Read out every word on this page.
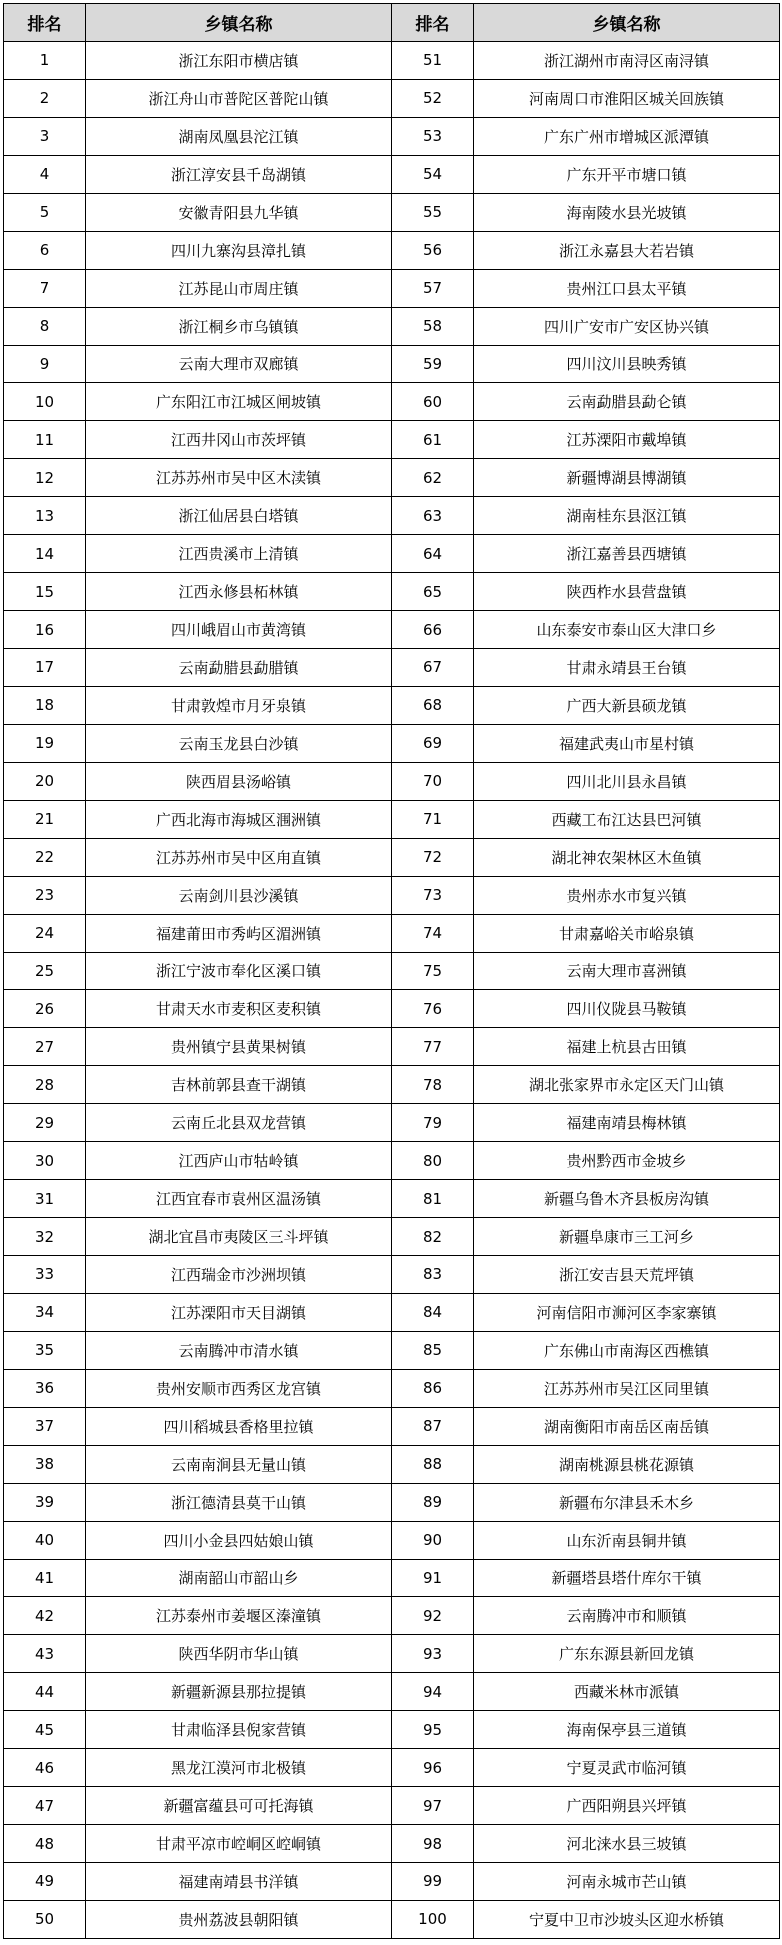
排名	乡镇名称	排名	乡镇名称
1	浙江东阳市横店镇	51	浙江湖州市南浔区南浔镇
2	浙江舟山市普陀区普陀山镇	52	河南周口市淮阳区城关回族镇
3	湖南凤凰县沱江镇	53	广东广州市增城区派潭镇
4	浙江淳安县千岛湖镇	54	广东开平市塘口镇
5	安徽青阳县九华镇	55	海南陵水县光坡镇
6	四川九寨沟县漳扎镇	56	浙江永嘉县大若岩镇
7	江苏昆山市周庄镇	57	贵州江口县太平镇
8	浙江桐乡市乌镇镇	58	四川广安市广安区协兴镇
9	云南大理市双廊镇	59	四川汶川县映秀镇
10	广东阳江市江城区闸坡镇	60	云南勐腊县勐仑镇
11	江西井冈山市茨坪镇	61	江苏溧阳市戴埠镇
12	江苏苏州市吴中区木渎镇	62	新疆博湖县博湖镇
13	浙江仙居县白塔镇	63	湖南桂东县沤江镇
14	江西贵溪市上清镇	64	浙江嘉善县西塘镇
15	江西永修县柘林镇	65	陕西柞水县营盘镇
16	四川峨眉山市黄湾镇	66	山东泰安市泰山区大津口乡
17	云南勐腊县勐腊镇	67	甘肃永靖县王台镇
18	甘肃敦煌市月牙泉镇	68	广西大新县硕龙镇
19	云南玉龙县白沙镇	69	福建武夷山市星村镇
20	陕西眉县汤峪镇	70	四川北川县永昌镇
21	广西北海市海城区涠洲镇	71	西藏工布江达县巴河镇
22	江苏苏州市吴中区甪直镇	72	湖北神农架林区木鱼镇
23	云南剑川县沙溪镇	73	贵州赤水市复兴镇
24	福建莆田市秀屿区湄洲镇	74	甘肃嘉峪关市峪泉镇
25	浙江宁波市奉化区溪口镇	75	云南大理市喜洲镇
26	甘肃天水市麦积区麦积镇	76	四川仪陇县马鞍镇
27	贵州镇宁县黄果树镇	77	福建上杭县古田镇
28	吉林前郭县查干湖镇	78	湖北张家界市永定区天门山镇
29	云南丘北县双龙营镇	79	福建南靖县梅林镇
30	江西庐山市牯岭镇	80	贵州黔西市金坡乡
31	江西宜春市袁州区温汤镇	81	新疆乌鲁木齐县板房沟镇
32	湖北宜昌市夷陵区三斗坪镇	82	新疆阜康市三工河乡
33	江西瑞金市沙洲坝镇	83	浙江安吉县天荒坪镇
34	江苏溧阳市天目湖镇	84	河南信阳市浉河区李家寨镇
35	云南腾冲市清水镇	85	广东佛山市南海区西樵镇
36	贵州安顺市西秀区龙宫镇	86	江苏苏州市吴江区同里镇
37	四川稻城县香格里拉镇	87	湖南衡阳市南岳区南岳镇
38	云南南涧县无量山镇	88	湖南桃源县桃花源镇
39	浙江德清县莫干山镇	89	新疆布尔津县禾木乡
40	四川小金县四姑娘山镇	90	山东沂南县铜井镇
41	湖南韶山市韶山乡	91	新疆塔县塔什库尔干镇
42	江苏泰州市姜堰区溱潼镇	92	云南腾冲市和顺镇
43	陕西华阴市华山镇	93	广东东源县新回龙镇
44	新疆新源县那拉提镇	94	西藏米林市派镇
45	甘肃临泽县倪家营镇	95	海南保亭县三道镇
46	黑龙江漠河市北极镇	96	宁夏灵武市临河镇
47	新疆富蕴县可可托海镇	97	广西阳朔县兴坪镇
48	甘肃平凉市崆峒区崆峒镇	98	河北涞水县三坡镇
49	福建南靖县书洋镇	99	河南永城市芒山镇
50	贵州荔波县朝阳镇	100	宁夏中卫市沙坡头区迎水桥镇
